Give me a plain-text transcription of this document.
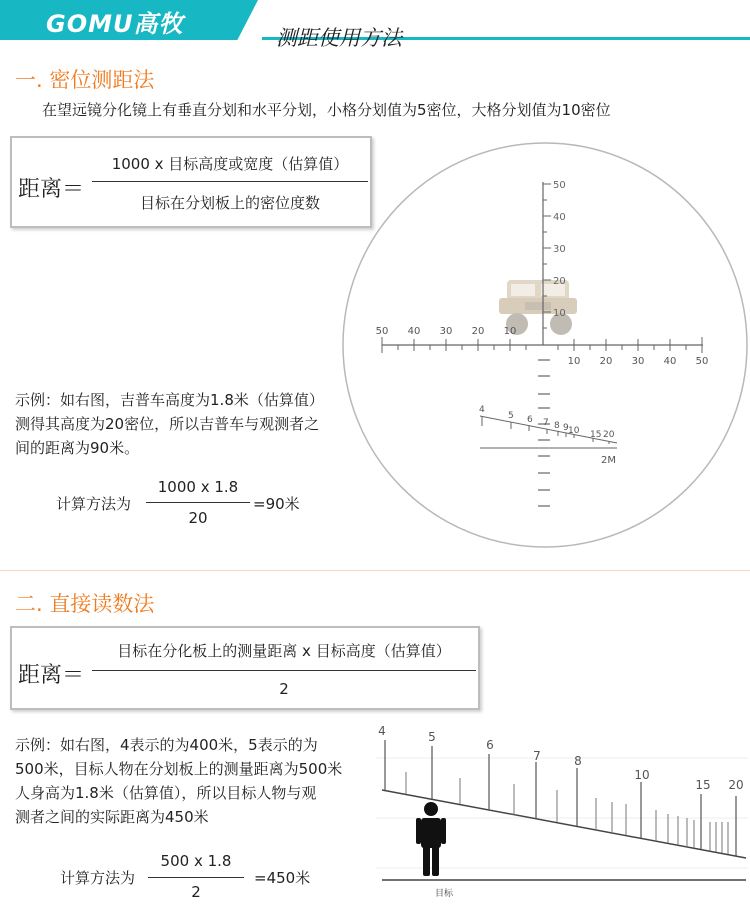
GOMU高牧	测距使用方法
一. 密位测距法
在望远镜分化镜上有垂直分划和水平分划，小格分划值为5密位，大格分划值为10密位
距离＝
1000 x 目标高度或宽度（估算值）
目标在分划板上的密位度数
50
40
30
20
10
50 40 30 20 10
10 20 30 40 50
4
5 6 7 8 9 10 15 20
2M
示例：如右图，吉普车高度为1.8米（估算值）
测得其高度为20密位，所以吉普车与观测者之
间的距离为90米。
计算方法为
1000 x 1.8
20
=90米
二. 直接读数法
距离＝
目标在分化板上的测量距离 x 目标高度（估算值）
2
4	5
6
7	8
10
15 20
目标
示例：如右图，4表示的为400米，5表示的为
500米，目标人物在分划板上的测量距离为500米
人身高为1.8米（估算值），所以目标人物与观
测者之间的实际距离为450米
计算方法为
500 x 1.8
2
=450米
